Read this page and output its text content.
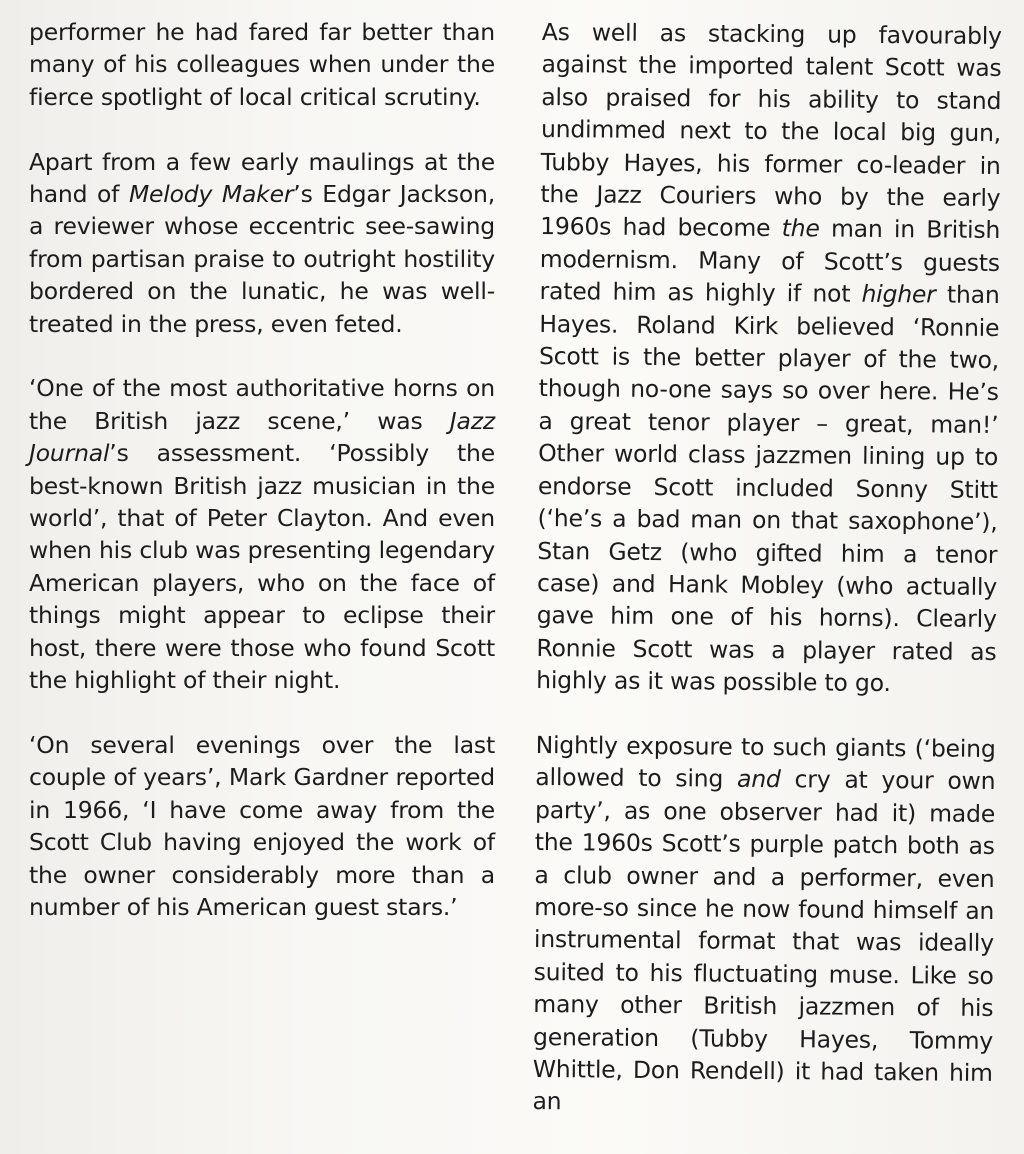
performer he had fared far better than many of his colleagues when under the fierce spotlight of local critical scrutiny.

Apart from a few early maulings at the hand of Melody Maker’s Edgar Jackson, a reviewer whose eccentric see-sawing from partisan praise to outright hostility bordered on the lunatic, he was well-treated in the press, even feted.

‘One of the most authoritative horns on the British jazz scene,’ was Jazz Journal’s assessment. ‘Possibly the best-known British jazz musician in the world’, that of Peter Clayton. And even when his club was presenting legendary American players, who on the face of things might appear to eclipse their host, there were those who found Scott the highlight of their night.

‘On several evenings over the last couple of years’, Mark Gardner reported in 1966, ‘I have come away from the Scott Club having enjoyed the work of the owner considerably more than a number of his American guest stars.’

As well as stacking up favourably against the imported talent Scott was also praised for his ability to stand undimmed next to the local big gun, Tubby Hayes, his former co-leader in the Jazz Couriers who by the early 1960s had become the man in British modernism. Many of Scott’s guests rated him as highly if not higher than Hayes. Roland Kirk believed ‘Ronnie Scott is the better player of the two, though no-one says so over here. He’s a great tenor player – great, man!’ Other world class jazzmen lining up to endorse Scott included Sonny Stitt (‘he’s a bad man on that saxophone’), Stan Getz (who gifted him a tenor case) and Hank Mobley (who actually gave him one of his horns). Clearly Ronnie Scott was a player rated as highly as it was possible to go.

Nightly exposure to such giants (‘being allowed to sing and cry at your own party’, as one observer had it) made the 1960s Scott’s purple patch both as a club owner and a performer, even more-so since he now found himself an instrumental format that was ideally suited to his fluctuating muse. Like so many other British jazzmen of his generation (Tubby Hayes, Tommy Whittle, Don Rendell) it had taken him an
